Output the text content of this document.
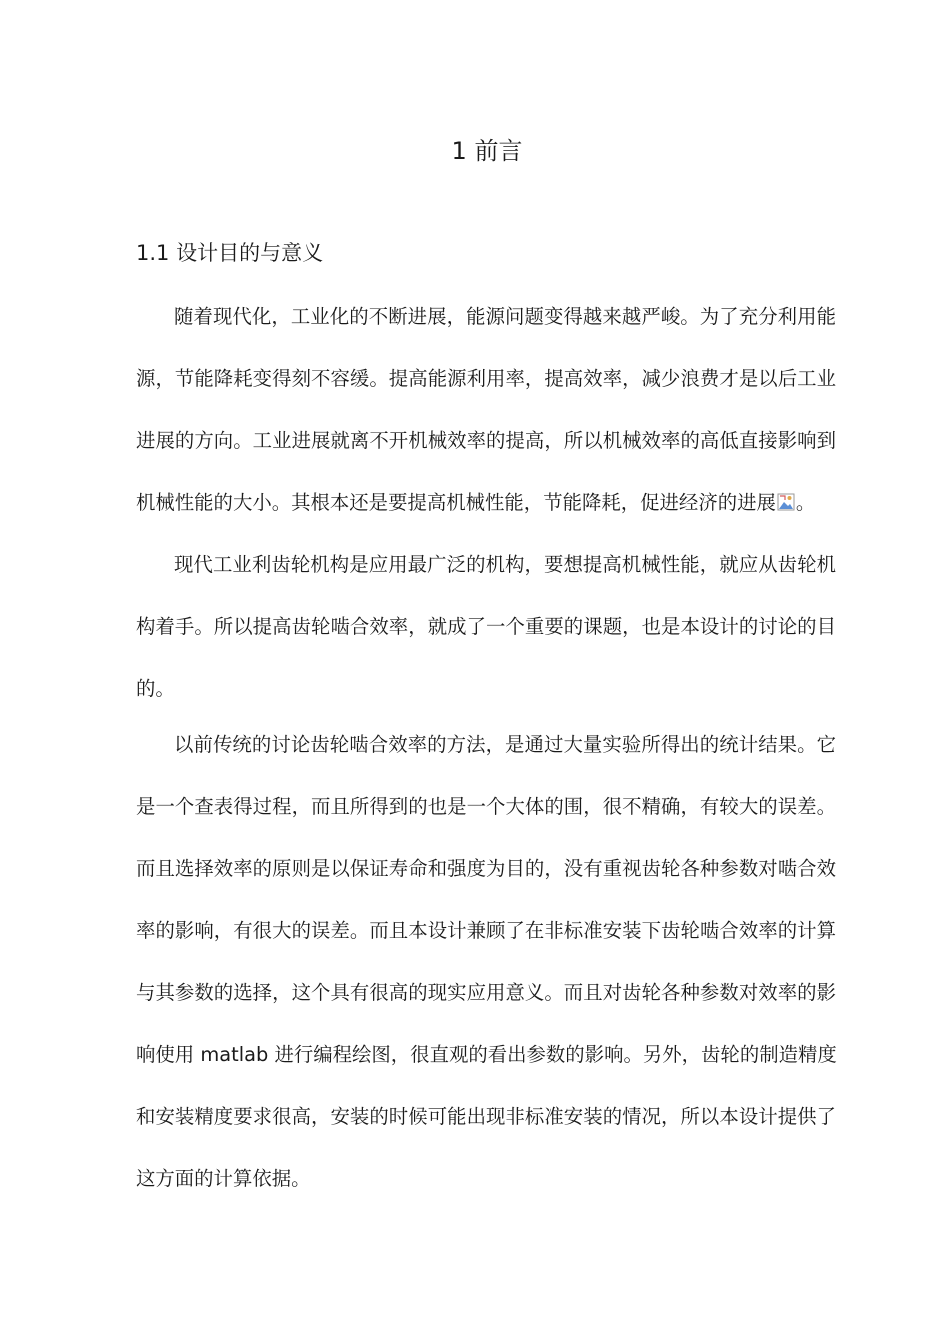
1 前言
1.1 设计目的与意义
随着现代化，工业化的不断进展，能源问题变得越来越严峻。为了充分利用能
源，节能降耗变得刻不容缓。提高能源利用率，提高效率，减少浪费才是以后工业
进展的方向。工业进展就离不开机械效率的提高，所以机械效率的高低直接影响到
机械性能的大小。其根本还是要提高机械性能，节能降耗，促进经济的进展 。
现代工业利齿轮机构是应用最广泛的机构，要想提高机械性能，就应从齿轮机
构着手。所以提高齿轮啮合效率，就成了一个重要的课题，也是本设计的讨论的目
的。
以前传统的讨论齿轮啮合效率的方法，是通过大量实验所得出的统计结果。它
是一个查表得过程，而且所得到的也是一个大体的围，很不精确，有较大的误差。
而且选择效率的原则是以保证寿命和强度为目的，没有重视齿轮各种参数对啮合效
率的影响，有很大的误差。而且本设计兼顾了在非标准安装下齿轮啮合效率的计算
与其参数的选择，这个具有很高的现实应用意义。而且对齿轮各种参数对效率的影
响使用 matlab 进行编程绘图，很直观的看出参数的影响。另外，齿轮的制造精度
和安装精度要求很高，安装的时候可能出现非标准安装的情况，所以本设计提供了
这方面的计算依据。
